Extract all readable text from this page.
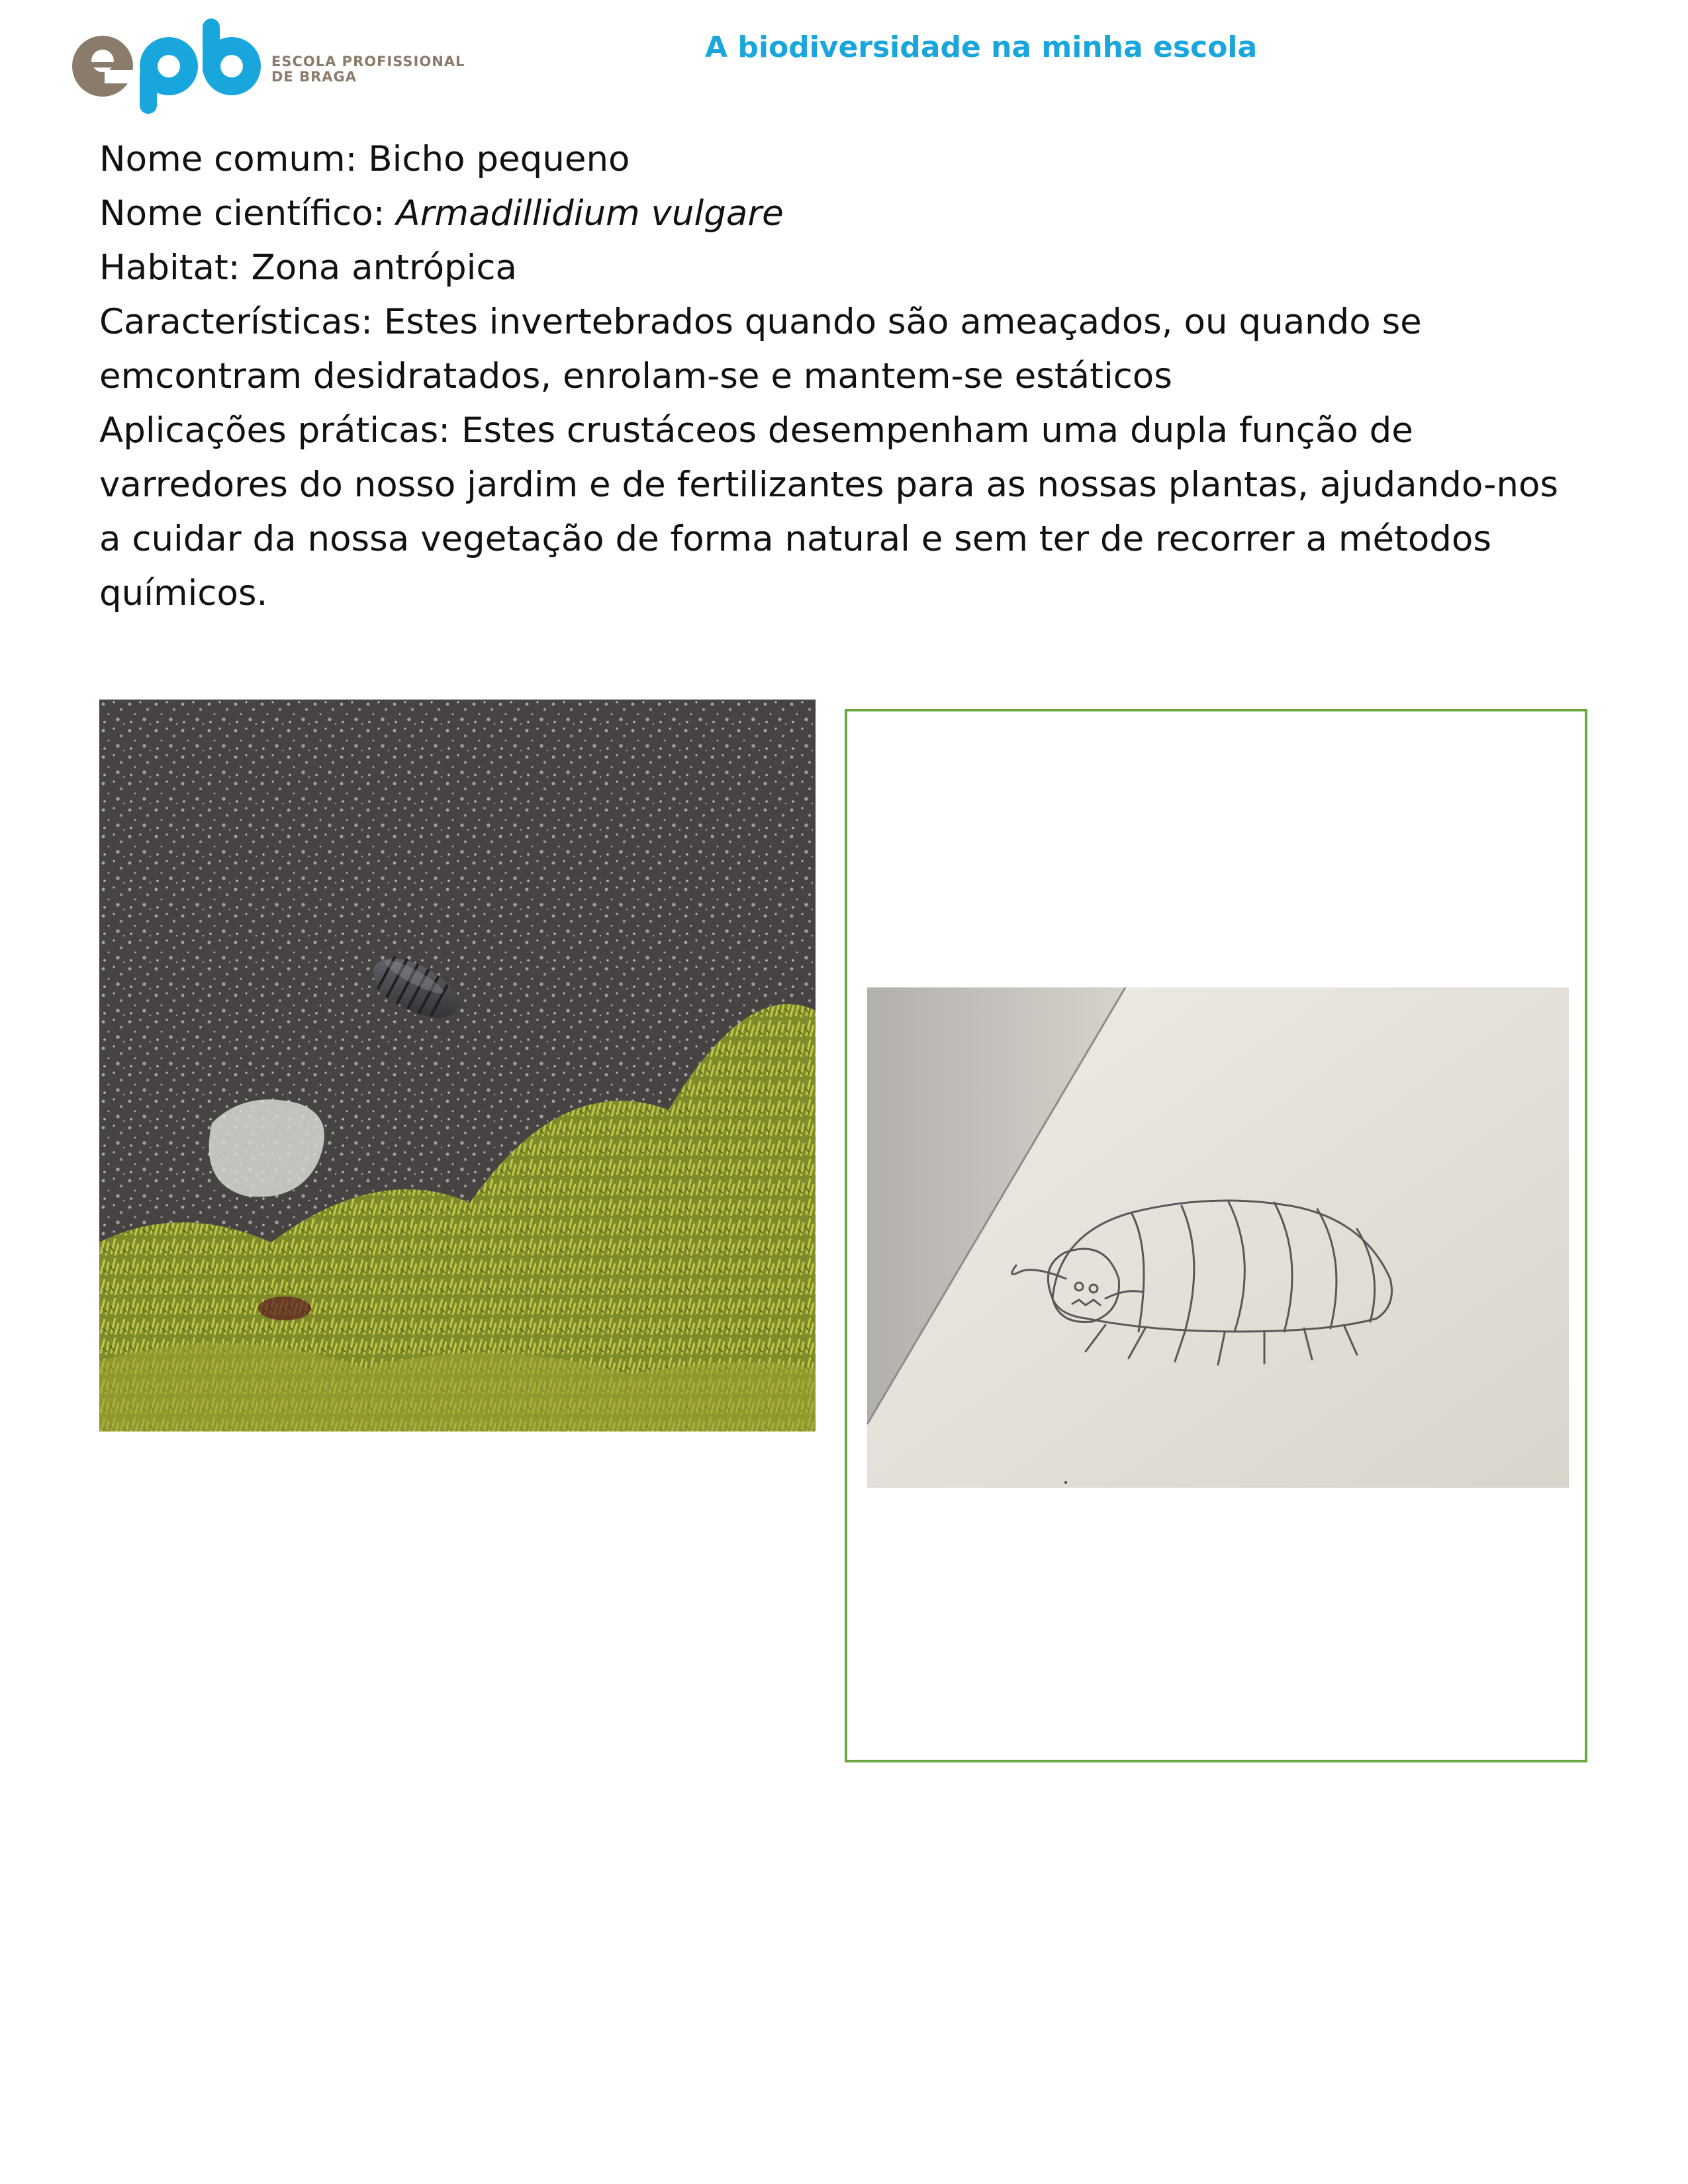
ESCOLA PROFISSIONAL
DE BRAGA
A biodiversidade na minha escola

Nome comum: Bicho pequeno

Nome científico: Armadillidium vulgare

Habitat: Zona antrópica

Características: Estes invertebrados quando são ameaçados, ou quando se emcontram desidratados, enrolam-se e mantem-se estáticos

Aplicações práticas: Estes crustáceos desempenham uma dupla função de varredores do nosso jardim e de fertilizantes para as nossas plantas, ajudando-nos a cuidar da nossa vegetação de forma natural e sem ter de recorrer a métodos químicos.
